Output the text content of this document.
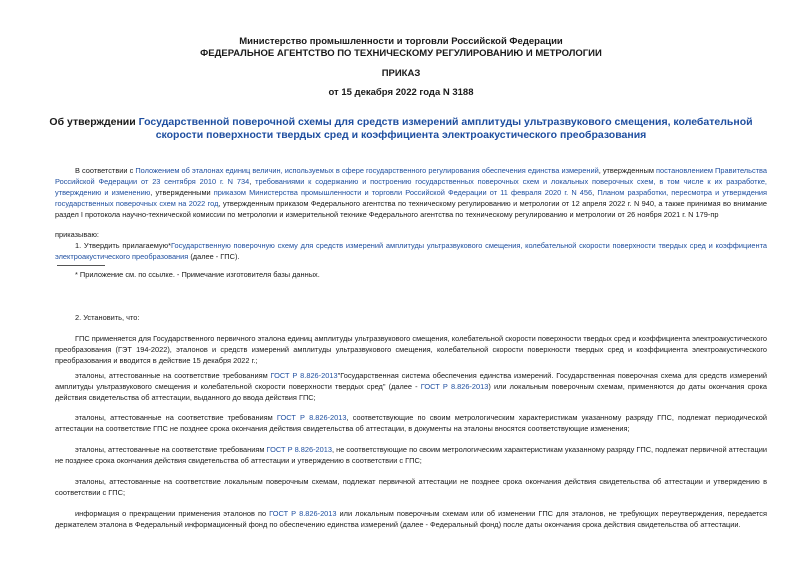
Министерство промышленности и торговли Российской Федерации
ФЕДЕРАЛЬНОЕ АГЕНТСТВО ПО ТЕХНИЧЕСКОМУ РЕГУЛИРОВАНИЮ И МЕТРОЛОГИИ
ПРИКАЗ
от 15 декабря 2022 года N 3188
Об утверждении Государственной поверочной схемы для средств измерений амплитуды ультразвукового смещения, колебательной скорости поверхности твердых сред и коэффициента электроакустического преобразования
В соответствии с Положением об эталонах единиц величин, используемых в сфере государственного регулирования обеспечения единства измерений, утвержденным постановлением Правительства Российской Федерации от 23 сентября 2010 г. N 734, требованиями к содержанию и построению государственных поверочных схем и локальных поверочных схем, в том числе к их разработке, утверждению и изменению, утвержденными приказом Министерства промышленности и торговли Российской Федерации от 11 февраля 2020 г. N 456, Планом разработки, пересмотра и утверждения государственных поверочных схем на 2022 год, утвержденным приказом Федерального агентства по техническому регулированию и метрологии от 12 апреля 2022 г. N 940, а также принимая во внимание раздел I протокола научно-технической комиссии по метрологии и измерительной технике Федерального агентства по техническому регулированию и метрологии от 26 ноября 2021 г. N 179-пр
приказываю:
1. Утвердить прилагаемую*Государственную поверочную схему для средств измерений амплитуды ультразвукового смещения, колебательной скорости поверхности твердых сред и коэффициента электроакустического преобразования (далее - ГПС).
* Приложение см. по ссылке. - Примечание изготовителя базы данных.
2. Установить, что:
ГПС применяется для Государственного первичного эталона единиц амплитуды ультразвукового смещения, колебательной скорости поверхности твердых сред и коэффициента электроакустического преобразования (ГЭТ 194-2022), эталонов и средств измерений амплитуды ультразвукового смещения, колебательной скорости поверхности твердых сред и коэффициента электроакустического преобразования и вводится в действие 15 декабря 2022 г.;
эталоны, аттестованные на соответствие требованиям ГОСТ Р 8.826-2013"Государственная система обеспечения единства измерений. Государственная поверочная схема для средств измерений амплитуды ультразвукового смещения и колебательной скорости поверхности твердых сред" (далее - ГОСТ Р 8.826-2013) или локальным поверочным схемам, применяются до даты окончания срока действия свидетельства об аттестации, выданного до ввода действия ГПС;
эталоны, аттестованные на соответствие требованиям ГОСТ Р 8.826-2013, соответствующие по своим метрологическим характеристикам указанному разряду ГПС, подлежат периодической аттестации на соответствие ГПС не позднее срока окончания действия свидетельства об аттестации, в документы на эталоны вносятся соответствующие изменения;
эталоны, аттестованные на соответствие требованиям ГОСТ Р 8.826-2013, не соответствующие по своим метрологическим характеристикам указанному разряду ГПС, подлежат первичной аттестации не позднее срока окончания действия свидетельства об аттестации и утверждению в соответствии с ГПС;
эталоны, аттестованные на соответствие локальным поверочным схемам, подлежат первичной аттестации не позднее срока окончания действия свидетельства об аттестации и утверждению в соответствии с ГПС;
информация о прекращении применения эталонов по ГОСТ Р 8.826-2013 или локальным поверочным схемам или об изменении ГПС для эталонов, не требующих переутверждения, передается держателем эталона в Федеральный информационный фонд по обеспечению единства измерений (далее - Федеральный фонд) после даты окончания срока действия свидетельства об аттестации.
